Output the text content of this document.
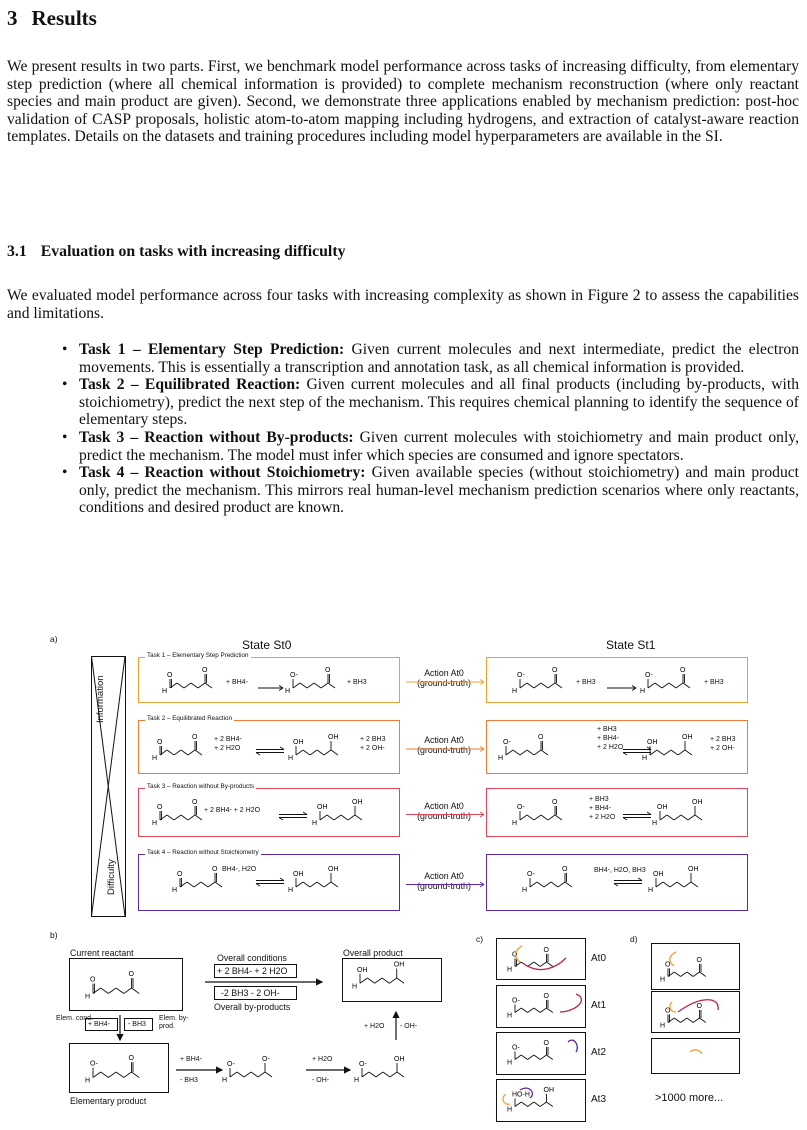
3 Results

We present results in two parts. First, we benchmark model performance across tasks of increasing difficulty, from elementary step prediction (where all chemical information is provided) to complete mechanism reconstruction (where only reactant species and main product are given). Second, we demonstrate three applications enabled by mechanism prediction: post-hoc validation of CASP proposals, holistic atom-to-atom mapping including hydrogens, and extraction of catalyst-aware reaction templates. Details on the datasets and training procedures including model hyperparameters are available in the SI.

3.1 Evaluation on tasks with increasing difficulty

We evaluated model performance across four tasks with increasing complexity as shown in Figure 2 to assess the capabilities and limitations.

• Task 1 – Elementary Step Prediction: Given current molecules and next intermediate, predict the electron movements. This is essentially a transcription and annotation task, as all chemical information is provided.
• Task 2 – Equilibrated Reaction: Given current molecules and all final products (including by-products, with stoichiometry), predict the next step of the mechanism. This requires chemical planning to identify the sequence of elementary steps.
• Task 3 – Reaction without By-products: Given current molecules with stoichiometry and main product only, predict the mechanism. The model must infer which species are consumed and ignore spectators.
• Task 4 – Reaction without Stoichiometry: Given available species (without stoichiometry) and main product only, predict the mechanism. This mirrors real human-level mechanism prediction scenarios where only reactants, conditions and desired product are known.
a)	State St0	State St1
Information
Difficulty
Task 1 – Elementary Step Prediction
Action At0
(ground-truth)
+ BH4-	+ BH3	+ BH3	+ BH3
Task 2 – Equilibrated Reaction
Action At0
(ground-truth)
+ 2 BH4-
+ 2 H2O
+ 2 BH3
+ 2 OH-
+ BH3
+ BH4-
+ 2 H2O
+ 2 BH3
+ 2 OH-
Task 3 – Reaction without By-products
Action At0
(ground-truth)
+ 2 BH4- + 2 H2O
+ BH3
+ BH4-
+ 2 H2O
Task 4 – Reaction without Stoichiometry
Action At0
(ground-truth)
BH4-, H2O	BH4-, H2O, BH3
b)
Current reactant	Overall conditions
+ 2 BH4- + 2 H2O
-2 BH3 - 2 OH-
Overall by-products
Overall product
Elem. cond.
+ BH4-	- BH3
Elem. by-prod.	+ H2O - OH-
Elementary product
+ BH4-
- BH3
+ H2O
- OH-
c)
At0
At1
At2
At3
d)
>1000 more...
O
H
O
O-
H
O
O-
H
O
O-
H
O
O
H
O
OH
H
OH
O-
H
O
OH
H
OH
O
H
O
OH
H
OH
O-
H
O
OH
H
OH
O
H
O
OH
H
OH
O-
H
O
OH
H
OH
O
H
O
OH
H
OH
O-
H
O
O-
H
O-
O-
H
OH
O
H
O
O-
H
O
O-
H
O
HO-H
H
OH
O
H
O
O
H
O
